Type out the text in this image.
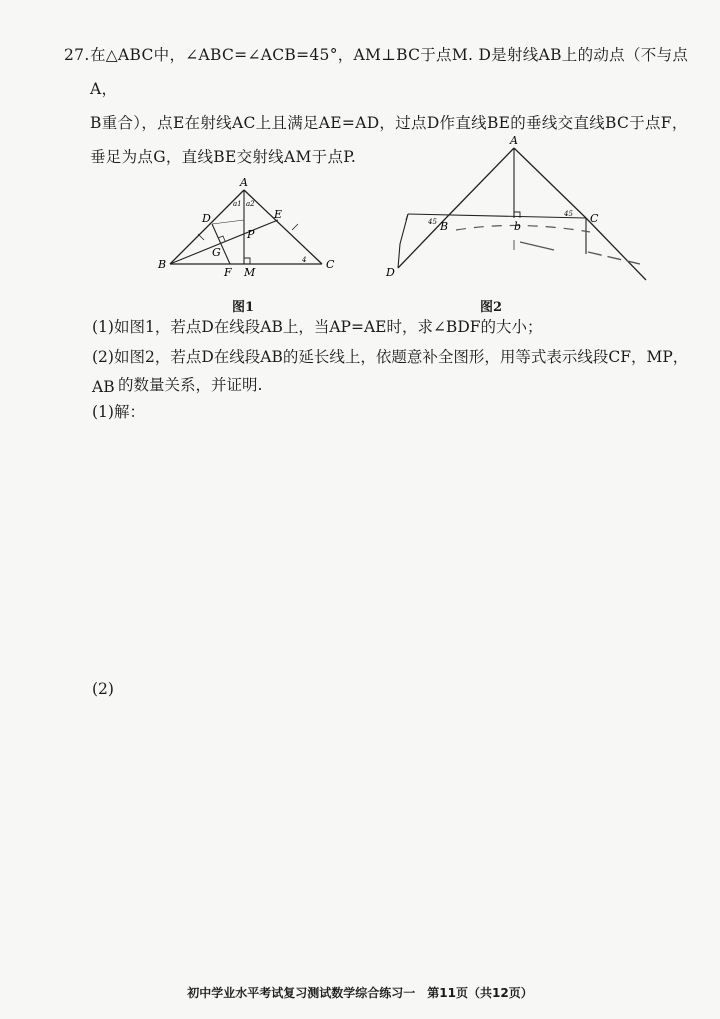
27. 在△ABC中，∠ABC=∠ACB=45°，AM⊥BC于点M. D是射线AB上的动点（不与点A，
B重合），点E在射线AC上且满足AE=AD，过点D作直线BE的垂线交直线BC于点F，
垂足为点G，直线BE交射线AM于点P.
A
B	C
D	E
F
G
M
P
a1 a2
4
图1
A
B
C
D
b
45
45
图2
(1)如图1，若点D在线段AB上，当AP=AE时，求∠BDF的大小；
(2)如图2，若点D在线段AB的延长线上，依题意补全图形，用等式表示线段CF，MP，AB 的数量关系，并证明.
(1)解：
(2)
初中学业水平考试复习测试数学综合练习一　第11页（共12页）
